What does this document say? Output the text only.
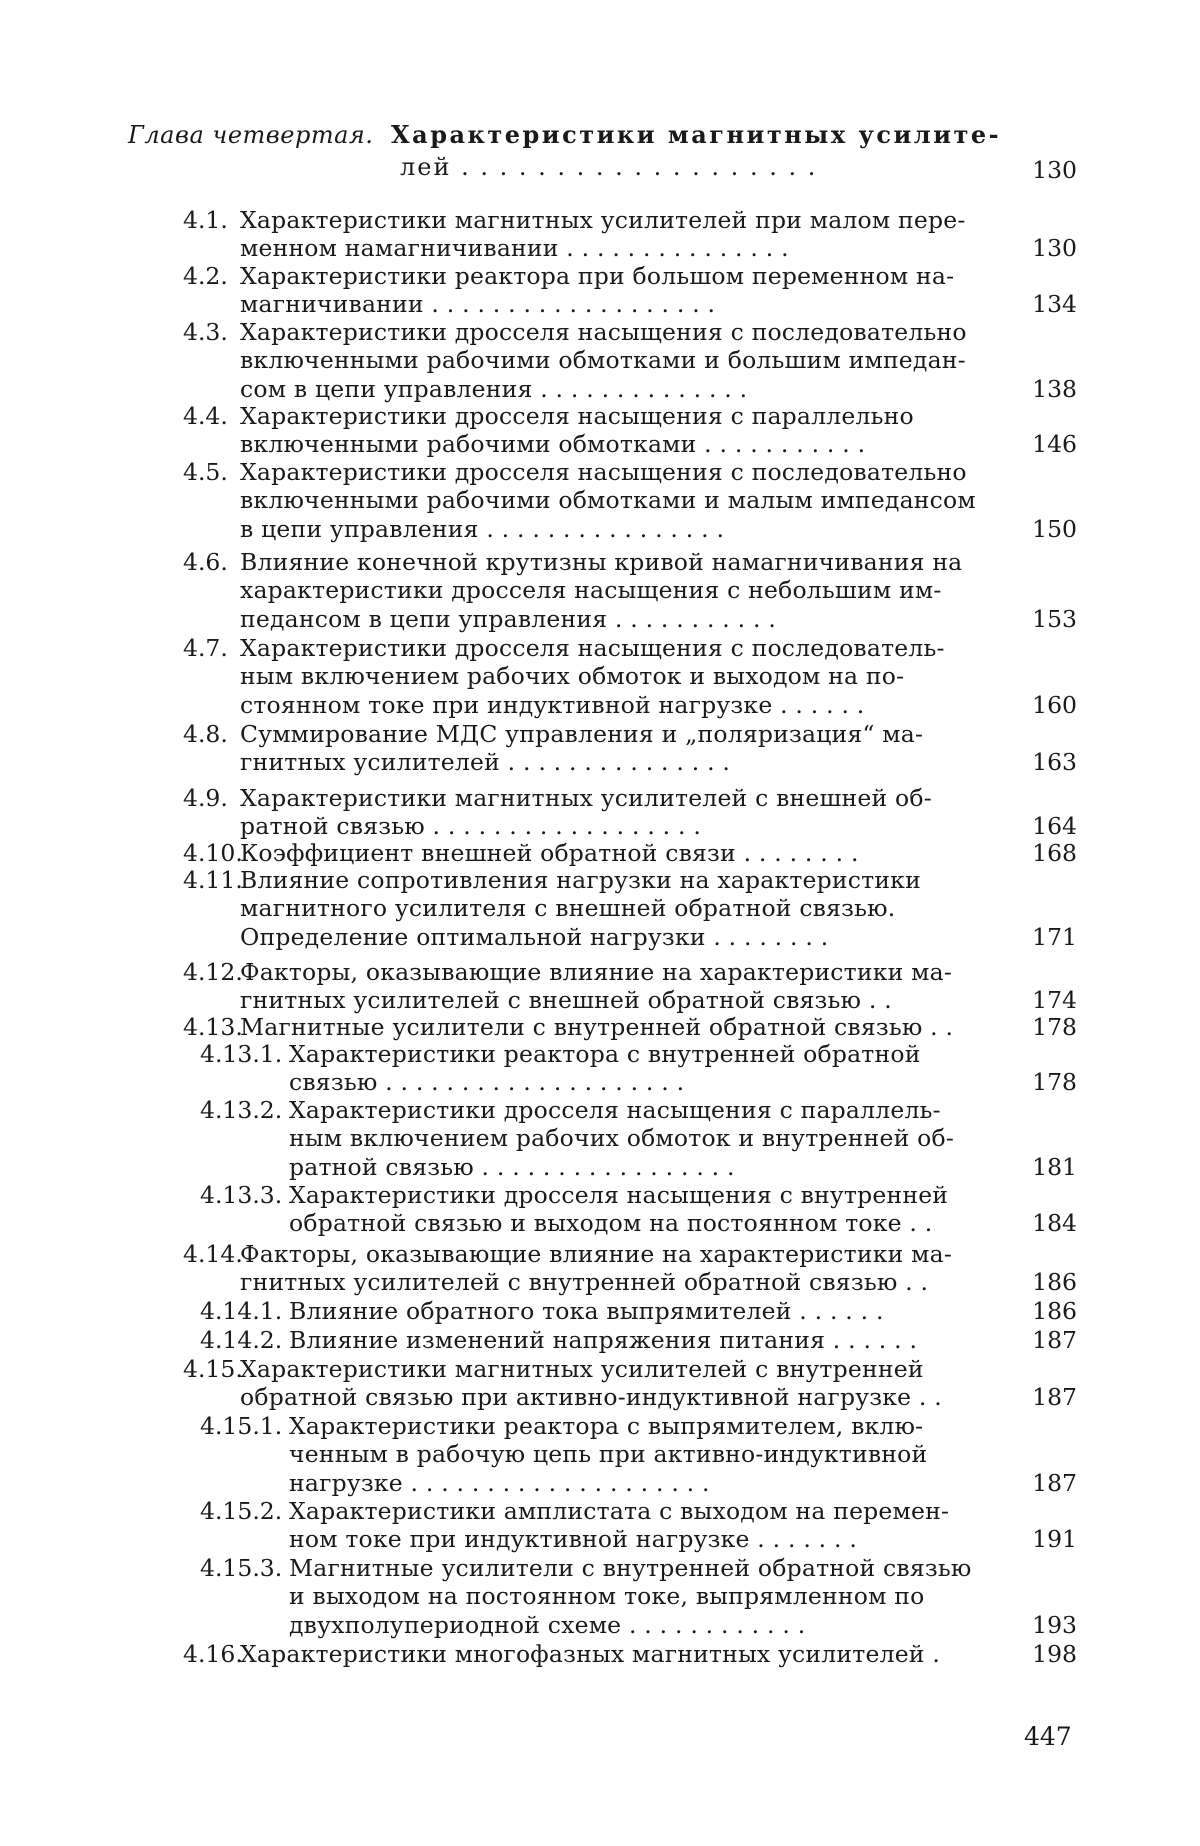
Глава четвертая. Характеристики магнитных усилите-
лей . . . . . . . . . . . . . . . . . . .	130
4.1. Характеристики магнитных усилителей при малом пере-
менном намагничивании . . . . . . . . . . . . . . .	130
4.2. Характеристики реактора при большом переменном на-
магничивании . . . . . . . . . . . . . . . . . . .	134
4.3. Характеристики дросселя насыщения с последовательно
включенными рабочими обмотками и большим импедан-
сом в цепи управления . . . . . . . . . . . . . .	138
4.4. Характеристики дросселя насыщения с параллельно
включенными рабочими обмотками . . . . . . . . . . .	146
4.5. Характеристики дросселя насыщения с последовательно
включенными рабочими обмотками и малым импедансом
в цепи управления . . . . . . . . . . . . . . . .	150
4.6. Влияние конечной крутизны кривой намагничивания на
характеристики дросселя насыщения с небольшим им-
педансом в цепи управления . . . . . . . . . . .	153
4.7. Характеристики дросселя насыщения с последователь-
ным включением рабочих обмоток и выходом на по-
стоянном токе при индуктивной нагрузке . . . . . .	160
4.8. Суммирование МДС управления и „поляризация“ ма-
гнитных усилителей . . . . . . . . . . . . . . .	163
4.9. Характеристики магнитных усилителей с внешней об-
ратной связью . . . . . . . . . . . . . . . . . .	164
4.10.
Коэффициент внешней обратной связи . . . . . . . .	168
4.11.
Влияние сопротивления нагрузки на характеристики
магнитного усилителя с внешней обратной связью.
Определение оптимальной нагрузки . . . . . . . .	171
4.12.
Факторы, оказывающие влияние на характеристики ма-
гнитных усилителей с внешней обратной связью . .	174
4.13.
Магнитные усилители с внутренней обратной связью . .	178
4.13.1. Характеристики реактора с внутренней обратной
связью . . . . . . . . . . . . . . . . . . . .	178
4.13.2. Характеристики дросселя насыщения с параллель-
ным включением рабочих обмоток и внутренней об-
ратной связью . . . . . . . . . . . . . . . . .	181
4.13.3. Характеристики дросселя насыщения с внутренней
обратной связью и выходом на постоянном токе . .	184
4.14.
Факторы, оказывающие влияние на характеристики ма-
гнитных усилителей с внутренней обратной связью . .	186
4.14.1. Влияние обратного тока выпрямителей . . . . . .	186
4.14.2. Влияние изменений напряжения питания . . . . . .	187
4.15.
Характеристики магнитных усилителей с внутренней
обратной связью при активно-индуктивной нагрузке . .	187
4.15.1. Характеристики реактора с выпрямителем, вклю-
ченным в рабочую цепь при активно-индуктивной
нагрузке . . . . . . . . . . . . . . . . . . . .	187
4.15.2. Характеристики амплистата с выходом на перемен-
ном токе при индуктивной нагрузке . . . . . . .	191
4.15.3. Магнитные усилители с внутренней обратной связью
и выходом на постоянном токе, выпрямленном по
двухполупериодной схеме . . . . . . . . . . . .	193
4.16.
Характеристики многофазных магнитных усилителей .	198
447
